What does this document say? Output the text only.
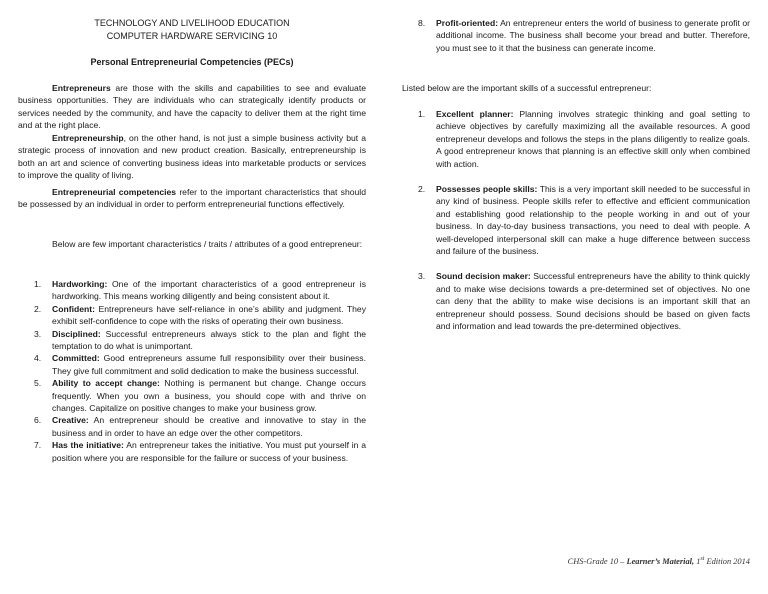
TECHNOLOGY AND LIVELIHOOD EDUCATION
COMPUTER HARDWARE SERVICING 10
Personal Entrepreneurial Competencies (PECs)
Entrepreneurs are those with the skills and capabilities to see and evaluate business opportunities. They are individuals who can strategically identify products or services needed by the community, and have the capacity to deliver them at the right time and at the right place.
Entrepreneurship, on the other hand, is not just a simple business activity but a strategic process of innovation and new product creation. Basically, entrepreneurship is both an art and science of converting business ideas into marketable products or services to improve the quality of living.
Entrepreneurial competencies refer to the important characteristics that should be possessed by an individual in order to perform entrepreneurial functions effectively.
Below are few important characteristics / traits / attributes of a good entrepreneur:
1. Hardworking: One of the important characteristics of a good entrepreneur is hardworking. This means working diligently and being consistent about it.
2. Confident: Entrepreneurs have self-reliance in one’s ability and judgment. They exhibit self-confidence to cope with the risks of operating their own business.
3. Disciplined: Successful entrepreneurs always stick to the plan and fight the temptation to do what is unimportant.
4. Committed: Good entrepreneurs assume full responsibility over their business. They give full commitment and solid dedication to make the business successful.
5. Ability to accept change: Nothing is permanent but change. Change occurs frequently. When you own a business, you should cope with and thrive on changes. Capitalize on positive changes to make your business grow.
6. Creative: An entrepreneur should be creative and innovative to stay in the business and in order to have an edge over the other competitors.
7. Has the initiative: An entrepreneur takes the initiative. You must put yourself in a position where you are responsible for the failure or success of your business.
8. Profit-oriented: An entrepreneur enters the world of business to generate profit or additional income. The business shall become your bread and butter. Therefore, you must see to it that the business can generate income.
Listed below are the important skills of a successful entrepreneur:
1. Excellent planner: Planning involves strategic thinking and goal setting to achieve objectives by carefully maximizing all the available resources. A good entrepreneur develops and follows the steps in the plans diligently to realize goals. A good entrepreneur knows that planning is an effective skill only when combined with action.
2. Possesses people skills: This is a very important skill needed to be successful in any kind of business. People skills refer to effective and efficient communication and establishing good relationship to the people working in and out of your business. In day-to-day business transactions, you need to deal with people. A well-developed interpersonal skill can make a huge difference between success and failure of the business.
3. Sound decision maker: Successful entrepreneurs have the ability to think quickly and to make wise decisions towards a pre-determined set of objectives. No one can deny that the ability to make wise decisions is an important skill that an entrepreneur should possess. Sound decisions should be based on given facts and information and lead towards the pre-determined objectives.
CHS-Grade 10 – Learner’s Material, 1st Edition 2014
